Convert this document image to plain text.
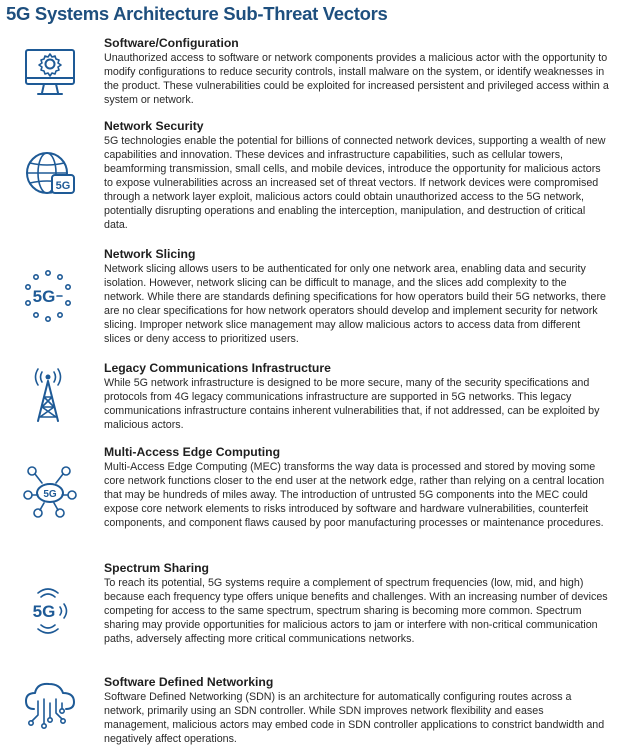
5G Systems Architecture Sub-Threat Vectors

Software/Configuration

Unauthorized access to software or network components provides a malicious actor with the opportunity to modify configurations to reduce security controls, install malware on the system, or identify weaknesses in the product. These vulnerabilities could be exploited for increased persistent and privileged access within a system or network.

5G

Network Security

5G technologies enable the potential for billions of connected network devices, supporting a wealth of new capabilities and innovation. These devices and infrastructure capabilities, such as cellular towers, beamforming transmission, small cells, and mobile devices, introduce the opportunity for malicious actors to expose vulnerabilities across an increased set of threat vectors. If network devices were compromised through a network layer exploit, malicious actors could obtain unauthorized access to the 5G network, potentially disrupting operations and enabling the interception, manipulation, and destruction of critical data.

5G

Network Slicing

Network slicing allows users to be authenticated for only one network area, enabling data and security isolation. However, network slicing can be difficult to manage, and the slices add complexity to the network. While there are standards defining specifications for how operators build their 5G networks, there are no clear specifications for how network operators should develop and implement security for network slicing. Improper network slice management may allow malicious actors to access data from different slices or deny access to prioritized users.

Legacy Communications Infrastructure

While 5G network infrastructure is designed to be more secure, many of the security specifications and protocols from 4G legacy communications infrastructure are supported in 5G networks. This legacy communications infrastructure contains inherent vulnerabilities that, if not addressed, can be exploited by malicious actors.

5G

Multi-Access Edge Computing

Multi-Access Edge Computing (MEC) transforms the way data is processed and stored by moving some core network functions closer to the end user at the network edge, rather than relying on a central location that may be hundreds of miles away. The introduction of untrusted 5G components into the MEC could expose core network elements to risks introduced by software and hardware vulnerabilities, counterfeit components, and component flaws caused by poor manufacturing processes or maintenance procedures.

5G

Spectrum Sharing

To reach its potential, 5G systems require a complement of spectrum frequencies (low, mid, and high) because each frequency type offers unique benefits and challenges. With an increasing number of devices competing for access to the same spectrum, spectrum sharing is becoming more common. Spectrum sharing may provide opportunities for malicious actors to jam or interfere with non-critical communication paths, adversely affecting more critical communications networks.

Software Defined Networking

Software Defined Networking (SDN) is an architecture for automatically configuring routes across a network, primarily using an SDN controller. While SDN improves network flexibility and eases management, malicious actors may embed code in SDN controller applications to constrict bandwidth and negatively affect operations.
